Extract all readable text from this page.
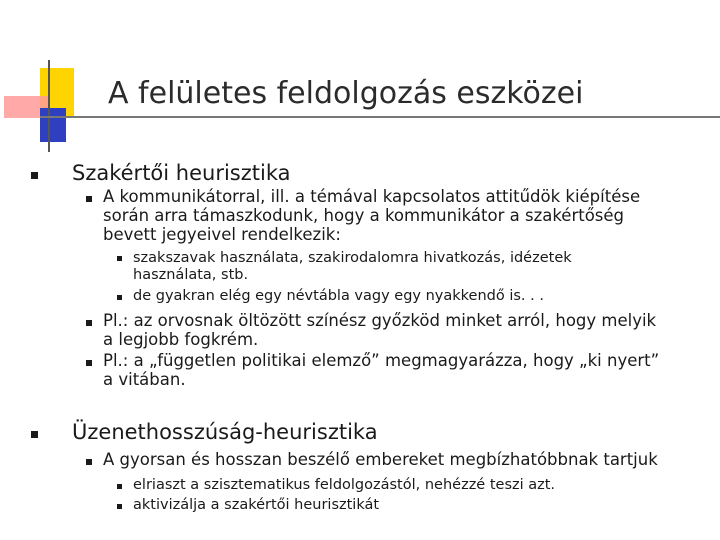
A felületes feldolgozás eszközei
Szakértői heurisztika
A kommunikátorral, ill. a témával kapcsolatos attitűdök kiépítése
során arra támaszkodunk, hogy a kommunikátor a szakértőség
bevett jegyeivel rendelkezik:
szakszavak használata, szakirodalomra hivatkozás, idézetek
használata, stb.
de gyakran elég egy névtábla vagy egy nyakkendő is. . .
Pl.: az orvosnak öltözött színész győzköd minket arról, hogy melyik
a legjobb fogkrém.
Pl.: a „független politikai elemző” megmagyarázza, hogy „ki nyert”
a vitában.
Üzenethosszúság-heurisztika
A gyorsan és hosszan beszélő embereket megbízhatóbbnak tartjuk
elriaszt a szisztematikus feldolgozástól, nehézzé teszi azt.
aktivizálja a szakértői heurisztikát
